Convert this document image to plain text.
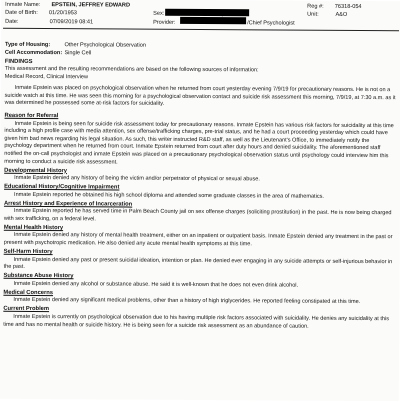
Inmate Name: EPSTEIN, JEFFREY EDWARD
Date of Birth: 01/20/1953
Date:	07/09/2019 08:41
Sex:
Provider:	/Chief Psychologist
Reg #: 76318-054
Unit:	A&O
Type of Housing:	Other Psychological Observation
Cell Accommodation: Single Cell
FINDINGS
This assessment and the resulting recommendations are based on the following sources of information:
Medical Record, Clinical Interview
Inmate Epstein was placed on psychological observation when he returned from court yesterday evening 7/9/19 for precautionary reasons. He is not on a suicide watch at this time. He was seen this morning for a psychological observation contact and suicide risk assessment this morning, 7/9/19, at 7:30 a.m. as it was determined he possessed some at-risk factors for suicidality.
Reason for Referral
Inmate Epstein is being seen for suicide risk assessment today for precautionary reasons. Inmate Epstein has various risk factors for suicidality at this time including a high profile case with media attention, sex offense/trafficking charges, pre-trial status, and he had a court proceeding yesterday which could have given him bad news regarding his legal situation. As such, this writer instructed R&D staff, as well as the Lieutenant's Office, to immediately notify the psychology department when he returned from court. Inmate Epstein returned from court after duty hours and denied suicidality. The aforementioned staff notified the on-call psychologist and inmate Epstein was placed on a precautionary psychological observation status until psychology could interview him this morning to conduct a suicide risk assessment.
Developmental History
Inmate Epstein denied any history of being the victim and/or perpetrator of physical or sexual abuse.
Educational History/Cognitive Impairment
Inmate Epstein reported he obtained his high school diploma and attended some graduate classes in the area of mathematics.
Arrest History and Experience of Incarceration
Inmate Epstein reported he has served time in Palm Beach County jail on sex offense charges (soliciting prostitution) in the past. He is now being charged with sex trafficking, on a federal level.
Mental Health History
Inmate Epstein denied any history of mental health treatment, either on an inpatient or outpatient basis. Inmate Epstein denied any treatment in the past or present with psychotropic medication. He also denied any acute mental health symptoms at this time.
Self-Harm History
Inmate Epstein denied any past or present suicidal ideation, intention or plan. He denied ever engaging in any suicide attempts or self-injurious behavior in the past.
Substance Abuse History
Inmate Epstein denied any alcohol or substance abuse. He said it is well-known that he does not even drink alcohol.
Medical Concerns
Inmate Epstein denied any significant medical problems, other than a history of high triglycerides. He reported feeling constipated at this time.
Current Problem
Inmate Epstein is currently on psychological observation due to his having multiple risk factors associated with suicidality. He denies any suicidality at this time and has no mental health or suicide history. He is being seen for a suicide risk assessment as an abundance of caution.
